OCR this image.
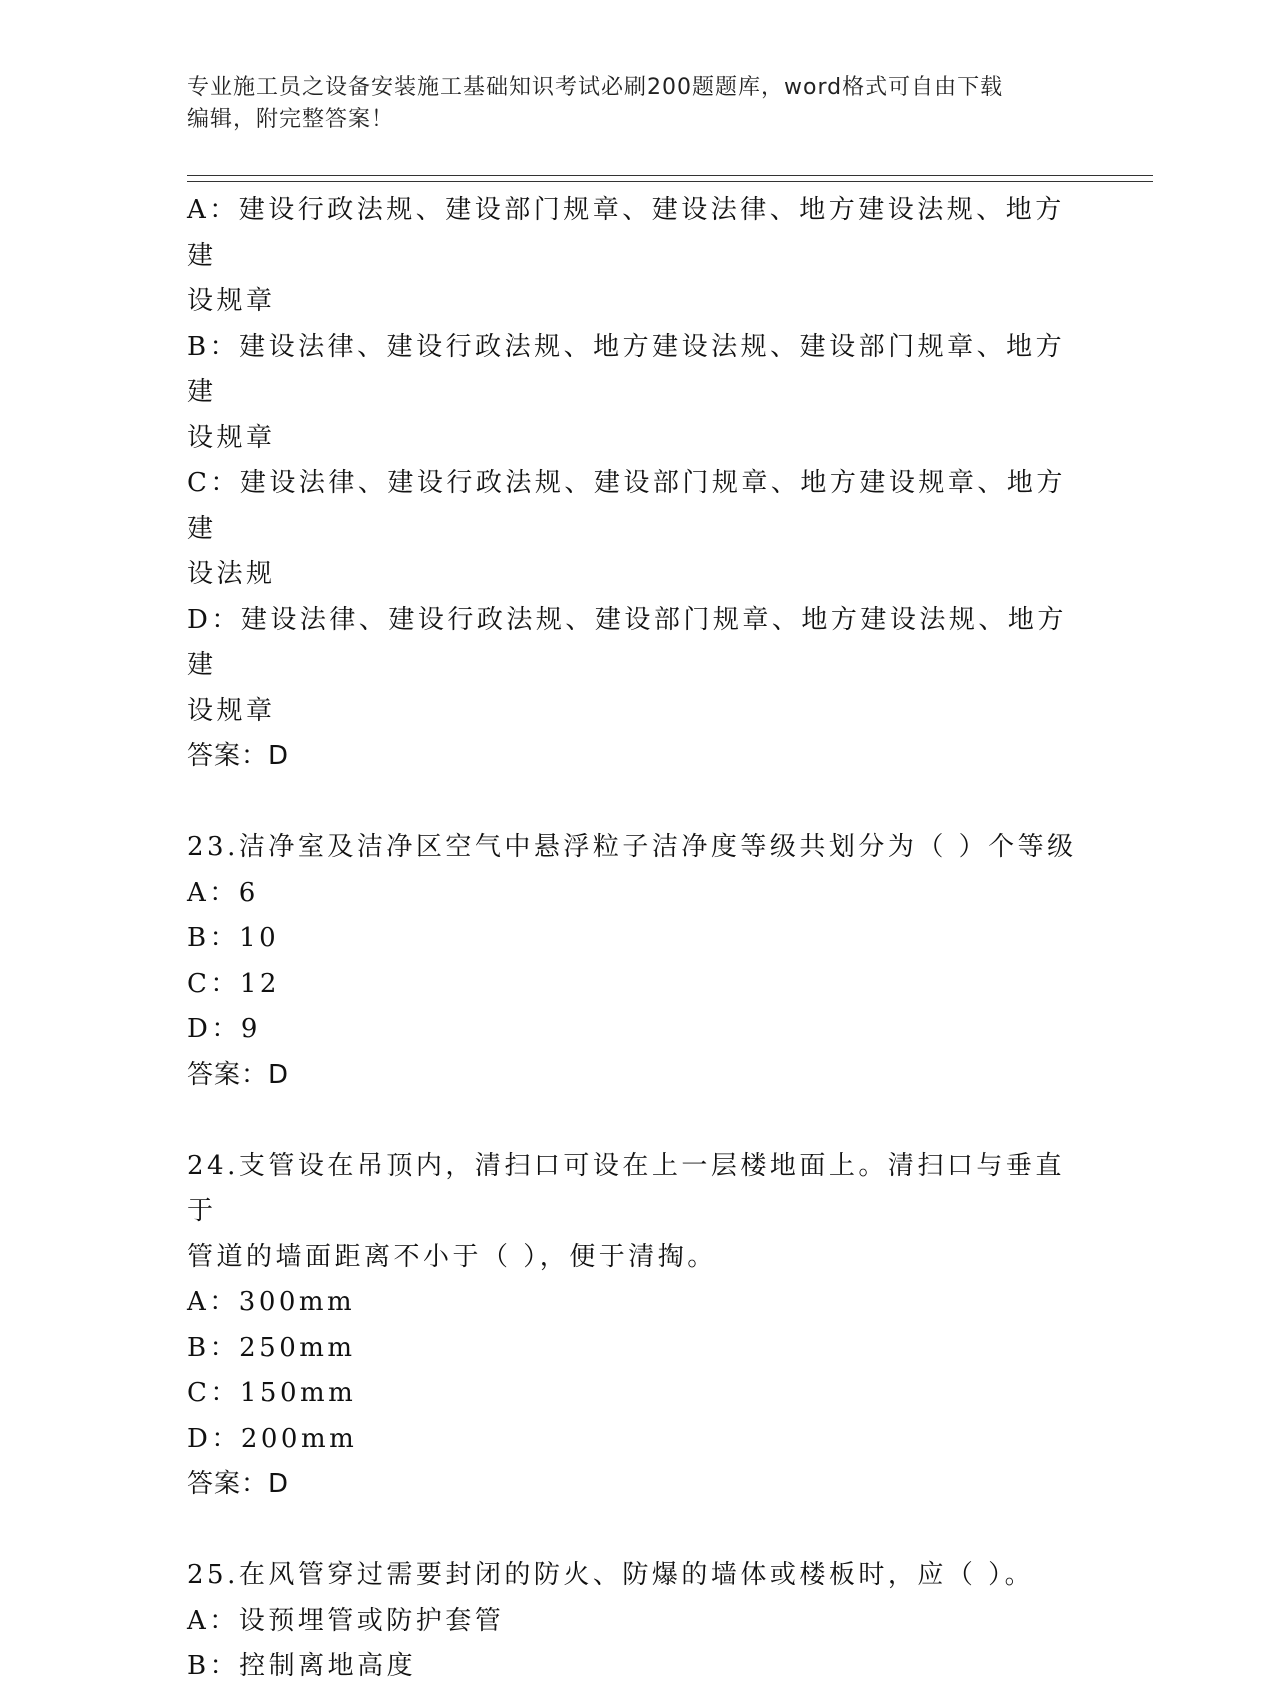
专业施工员之设备安装施工基础知识考试必刷200题题库，word格式可自由下载
编辑，附完整答案！
A：建设行政法规、建设部门规章、建设法律、地方建设法规、地方建
设规章
B：建设法律、建设行政法规、地方建设法规、建设部门规章、地方建
设规章
C：建设法律、建设行政法规、建设部门规章、地方建设规章、地方建
设法规
D：建设法律、建设行政法规、建设部门规章、地方建设法规、地方建
设规章
答案：D
23.洁净室及洁净区空气中悬浮粒子洁净度等级共划分为（ ）个等级
A：6
B：10
C：12
D：9
答案：D
24.支管设在吊顶内，清扫口可设在上一层楼地面上。清扫口与垂直于
管道的墙面距离不小于（ ），便于清掏。
A：300mm
B：250mm
C：150mm
D：200mm
答案：D
25.在风管穿过需要封闭的防火、防爆的墙体或楼板时，应（ ）。
A：设预埋管或防护套管
B：控制离地高度
